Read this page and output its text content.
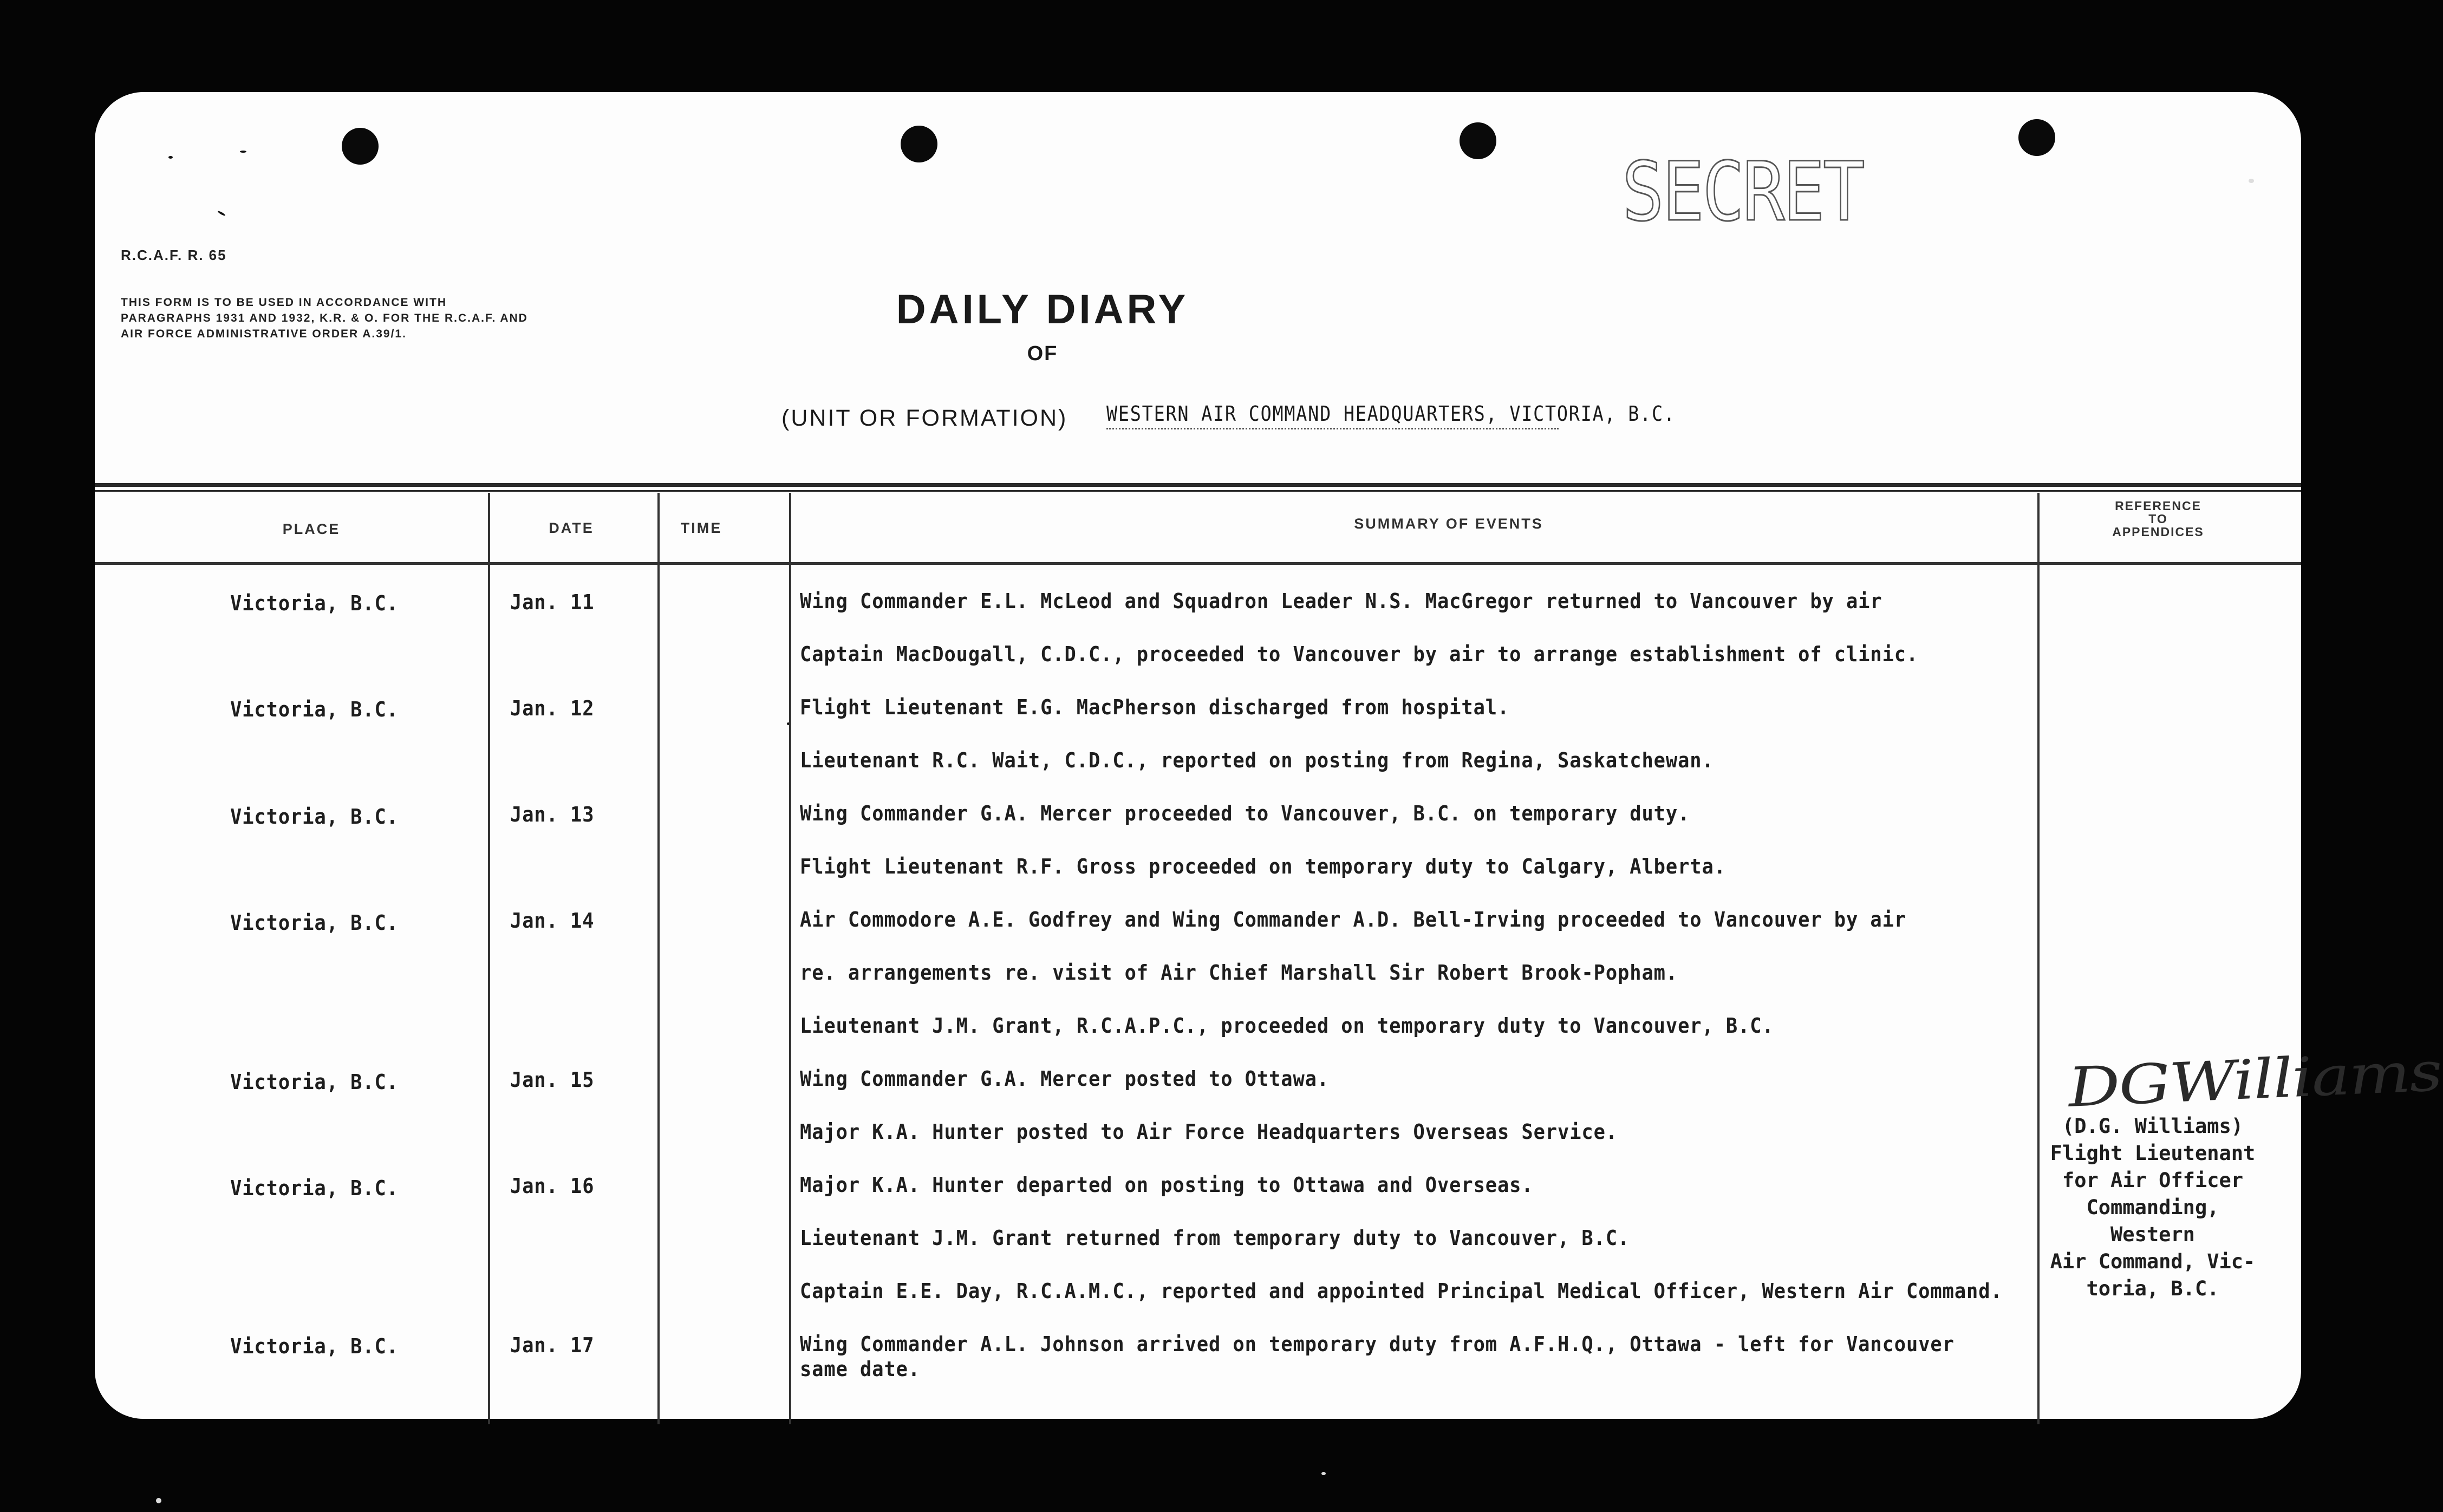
R.C.A.F. R. 65
THIS FORM IS TO BE USED IN ACCORDANCE WITH PARAGRAPHS 1931 AND 1932, K.R. & O. FOR THE R.C.A.F. AND AIR FORCE ADMINISTRATIVE ORDER A.39/1.
SECRET
DAILY DIARY
OF
(UNIT OR FORMATION) WESTERN AIR COMMAND HEADQUARTERS, VICTORIA, B.C.
PLACE	DATE	TIME	SUMMARY OF EVENTS
REFERENCE
TO
APPENDICES
Victoria, B.C.	Jan. 11	Wing Commander E.L. McLeod and Squadron Leader N.S. MacGregor returned to Vancouver by air
Captain MacDougall, C.D.C., proceeded to Vancouver by air to arrange establishment of clinic.
Victoria, B.C.	Jan. 12	Flight Lieutenant E.G. MacPherson discharged from hospital.
Lieutenant R.C. Wait, C.D.C., reported on posting from Regina, Saskatchewan.
Victoria, B.C.	Jan. 13	Wing Commander G.A. Mercer proceeded to Vancouver, B.C. on temporary duty.
Flight Lieutenant R.F. Gross proceeded on temporary duty to Calgary, Alberta.
Victoria, B.C.	Jan. 14	Air Commodore A.E. Godfrey and Wing Commander A.D. Bell-Irving proceeded to Vancouver by air
re. arrangements re. visit of Air Chief Marshall Sir Robert Brook-Popham.
Lieutenant J.M. Grant, R.C.A.P.C., proceeded on temporary duty to Vancouver, B.C.
Victoria, B.C.	Jan. 15	Wing Commander G.A. Mercer posted to Ottawa.
Major K.A. Hunter posted to Air Force Headquarters Overseas Service.
Victoria, B.C.	Jan. 16	Major K.A. Hunter departed on posting to Ottawa and Overseas.
Lieutenant J.M. Grant returned from temporary duty to Vancouver, B.C.
Captain E.E. Day, R.C.A.M.C., reported and appointed Principal Medical Officer, Western Air Command.
Victoria, B.C.	Jan. 17	Wing Commander A.L. Johnson arrived on temporary duty from A.F.H.Q., Ottawa - left for Vancouver
same date.
DGWilliams
(D.G. Williams)
Flight Lieutenant
for Air Officer
Commanding, Western
Air Command, Vic-
toria, B.C.
